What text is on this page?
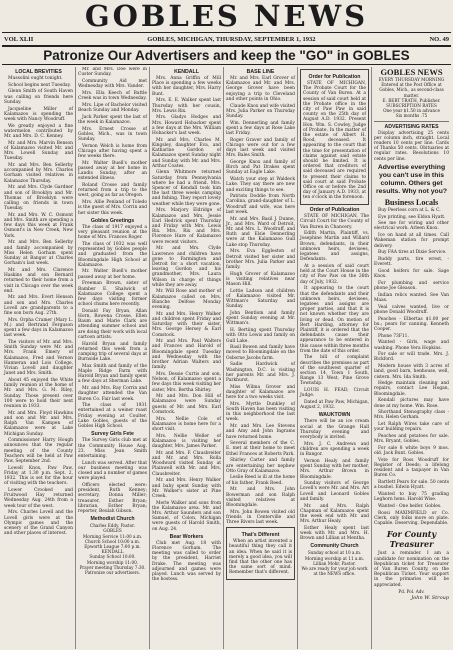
GOBLES NEWS
VOL XLII	GOBLES, MICHIGAN, THURSDAY, SEPTEMBER 1, 1932	NO. 49
Patronize Our Advertisers and keep the "GO" in GOBLES
LOCAL BREVITIES
Mussolini ought tonight.
School begins next Tuesday.
Glenn Smith of South Haven was calling on friends here Sunday.
Jacqueline Miller of Kalamazoo is spending the week with Nancy Woodruff.
We greatly enjoyed a fine watermelon contributed by Mr. and Mrs. D. C. Kenney.
Mr. and Mrs. Marvin Benson of Kalamazoo visited Mr. and Mrs. Lowell Sunday and Tuesday.
Mr. and Mrs. Ben Sellerby accompanied by Mrs. Charles Gorham visited relatives in Kalamazoo Thursday.
Mr. and Mrs. Clyde Gardner and son of Brooklyn and Mr. Thomas of Brooklyn were calling on friends in town Tuesday.
Mr. and Mrs. W. C. Osmont and Mrs. Smith are spending a few days this week at Frank Osmont's in New Creek, New York.
Mr. and Mrs. Ben Sellerby and family accompanied by Miss Helen Gorham spent Sunday at Bangor at Charles Gorham's last week.
Mr. and Mrs. Clarence Haskins and son Bernard returned to their home from a visit in Chicago over the week end.
Mr. and Mrs. Evert Henson and son and Mrs. Charles Lovell are grandparents to a fine son born Aug. 27th.
Mrs. Orpha Cramer (Mary L. M.) and Bertrand Ferguson spent a few days in Kalamazoo last week.
The visitors of Mr. and Mrs. Smith Sunday were Mr. and Mrs. Frank Emery of Kalamazoo, Fred and Vernon Hanneran and Lois College, Vivian Lovell and daughter Janet and Mrs. Smith.
About 45 enjoyed the White family reunion at the home of Mr. and Mrs. G. M. Riley, Sunday. Those present over 100 were to hold their next reunion in 1933.
Mr. and Mrs. Floyd Hawkins and son and Mr. and Mrs. Ralph Van Kampen of Kalamazoo were at Lake Michigan Sunday.
Commissioner Harry Hough announces that the regular meeting of the County Teachers will be held at Paw Paw, September 2nd.
Lowell Knox, Paw Paw, Friday at 1.30 p.m. Sept. 2, 1932. This is set for the hour of visiting with the teachers.
Lower Crooked and Fruitwood Hay returned Wednesday Aug. 24th from a week tour of the west.
Mrs. Charles Lovell and the Lovell girls were at the Olympic games and the scenery of the Grand Canyon and other places of interest.
Mr. and Mrs. Doe were in Custer Sunday.
Community Aid met Wednesday with Mrs. Vander.
Mrs. Ella Keech of Battle Creek was in town Wednesday.
Mrs. Lipe of Bachelor visited Beach Sunday and Monday.
Jack Parker spent the last of the week in Kalamazoo.
Mrs. Ernest Crosse of Gobles, Mich., was in town Sunday.
Vernon Welch is home from Chicago after having spent a few weeks there.
Mr. Walter Buell's mother passed away at her home in Landis Sunday, after an extended illness.
Roland Crosse and family returned from a trip to the west, going as far as Oregon.
Mrs. Allie Penland of Toledo is the guest of Mrs. Corrin and her sister this week.
Gobles Greetings
The class of 1917 enjoyed a very pleasant reunion at the home of Mrs. Frances Roger.
The class of 1932 was well represented by Gobles people and graduated from the Bloomingdale High School at Kalamazoo.
Mr. Walter Buell's mother passed away at her home.
Freeman Brown, sister of Bamber E. Shalwick of Kalamazoo College spent a few days visiting former school chums here recently.
Donald Fay Bryan, Allan Horn, Rowena Crosse, Ellen Baum and Marie Clark are attending summer school and are doing their work with local cartoon artists.
Harold Bryan and family returned this week from a camping trip of several days at Burnside Lake.
Max Smith and family of the Maple Ridge Farm with Harold Bryan and family spent a few days at Sherman Lake.
Mr. and Mrs. Ray Corrin and daughter attended the Van Buren Co. Fair last week.
The class of 1931 entertained at a weiner roast Friday evening at Coulter, Lake Gobles, guests of the Gobles High School.
Survey Girls Fete
The Survey Girls club met at the Community House Aug. 23. Miss Jean Smith entertaining.
Lunch was served. After that our business meeting was closed and a number of games were played.
Officers elected were: president, Ruth Kenney; secretary, Donna Miller; treasurer, Esther Bryan; librarian, Esther Bryan; reporter, Beulah Gibson.
Methodist Church
Charles Eddy, Pastor.
GOBLES
Morning Service 11:00 a.m.
Church School 10:00 a.m.
Epworth League 7:00 p.m.
KENDALL
Sunday School 10:00.
Morning worship 11:00.
Prayer meeting Thursday 7:30.
Patronize our advertisers.
KENDALL
Mrs. Anna Griffin of Mill Place is spending a few weeks with her daughter, Mrs. Harry Bunt.
Mrs. E. E. Walker spent last Thursday with her cousin, Mrs. Lewis Rix.
Mrs. Gladys Hodges and Mrs. Howard Hobacker spent a few days at the Mrs. William Hobacker's last week.
Mr. and Mrs. Charles M. Kingsley, daughter Eva, and Katharine Gordon of Kalamazoo spent Sunday night and Sunday with Mr. and Mrs. Arthur Coates.
Glenn Whitmore returned Saturday from Pennsylvania where he had a friend. Mrs. Spencer of Kendall took him the last three weeks camping and fishing. They report lovely weather while they were gone.
Mrs. Marjory Eldridge of Kalamazoo and Mrs. Jessie Earl Hedrick spent Thursday and Friday with Mrs. Lewis Rix. Mrs. Rix and Mrs. Florence Hare of Kalamazoo were recent visitors.
Mr. and Mrs. Clyde Lawrence and children have gone to Farmington and Detroit for a short vacation, leaving Gordon and his grandmother, Mrs. Laura Wilson in charge of things while they are away.
Mr. Will Rose and mother of Kalamazoo called on Mrs. Blanche Delfose Monday evening.
Mr. and Mrs. Henry Walker and children spent Friday and Saturday with their sister, Mrs. George Hersey & Earl Comstock.
Mr. and Mrs. Paul Walters and Frances and Harold of Bloomingdale spent Tuesday and Wednesday with the brother Adrian Walters and family.
Mrs. Dessie Curtis and son, Nelson, of Kalamazoo spent a few days this week visiting her sister, Mrs. Bertha Shirley.
Mr. and Mrs. Don Hill of Kalamazoo were Sunday guests of Mr. and Mrs. Earl Comstock.
Mrs. Nellie Cole of Kalamazoo is home here for a short visit.
Mrs. Nellie Weller of Kalamazoo is visiting her daughter, Mrs. James Parker.
Mr. and Mrs. F. Clausbreiter and Mr. and Mrs. Rolla Woodward visited Sunday at Plainwell with Mr. and Mrs. Clausbreiter.
Mr. and Mrs. Henry Walker and baby spent Sunday with Mr. Walker's sister at Pine Creek.
Merle Walker and sons from the Kalamazoo area. Mr. and Mrs. Arthur Saunders and son Samuel, of Colon, Michigan were guests of Harold Smith, on Aug. 24.
Bear Workers
Club met Aug. 18 with Florence Gorham. The meeting was called to order by the president, Harriet Drake. The meeting was adjourned and games were played. Lunch was served by the hostess.
BASE LINE
Mr. and Mrs. Earl Grover of Kalamazoo and Mr. and Mrs. George Grover have been enjoying a trip to Cleveland and other points in Ohio.
Claude Knox and wife visited Mrs. Julia Parker on Thursday Sunday.
Wm. Dennerling and family spent a few days at Rose Lake last Friday.
Roger Graver and family of Chicago were out for a few days last week and visited Mrs. Bales Smith.
George Knox and family of Birch and Pat Drakes spent Sunday at Eagle Lake.
Watch your step at Waldeck Lake. They say there are new and exciting things to see.
Patriots Doddie from North Carolina, grand-daughter of L. Woodruff and wife, was here last week.
Mr. and Mrs. Basil J. Dunne, Jr., and Mrs. Ward of Detroit, Mr. and Mrs. L. Woodruff, and Ruth and Elsie Dennerling were at the Kalamazoo Gull Lake stop Thursday.
Mrs. Eva Eggleston of Detroit visited her sister and brother Mrs. Julia Parker and family.
Hugh Grover of Kalamazoo is visiting relatives near Mason Hill.
Lottie Ladson and children of Kalamazoo visited Mr. Wittman's Saturday and Sunday.
John Bentlom and family spent Sunday evening at Mr. Wittman's.
H. Bertiing spent Thursday with Otto Lewis and family on Gull Lake.
Basil Bowen and family have moved to Bloomingdale on the Osborne Jacobs farm.
Sadie Hardwick of Washington, D.C. is visiting her parents Mr. and Mrs. J. Parkhurst.
Miss Wilma Grover and daughter of Kalamazoo are here for a two weeks visit.
Mrs. Myrtle Dunkley of South Haven has been visiting in this neighborhood the last week.
Mr. and Mrs. Lee Stevens and Amy and John Ingrams have returned home.
Several members of the C. E. met at their home to meet Ethel Frances at Roberts Park.
Shirley Carter and family are entertaining her nephew Otto Gray of Kalamazoo.
Leslie Reed is ill at the home of his father, Frank Reed.
Mr. and Mrs. John Bowerman and son Ralph visited relatives at Bloomingdale.
Mrs. John Bowen visited old friends in Centerville and Three Rivers last week.
That's Different
When an artist invented a beautiful thing they call it an idea. When he said it is merely a good idea, you will find that the other one has the same sort of mind. Remember that's different.
Order for Publication
STATE OF MICHIGAN, The Probate Court for the County of Van Buren. At a session of said court held at the Probate office in the city of Paw Paw in said county on the 25th day of August A.D. 1932. Present Hon. Wm. S. Cowley, Judge of Probate. In the matter of the estate of Albert H. Rood, deceased. It appearing to the court that the time for presentation of claims against said estate should be limited. It is ordered that creditors of said deceased are required to present their claims to said court at said Probate Office on or before the 2nd day of January A.D. 1933, at ten o'clock in the forenoon.
Order of Publication
STATE OF MICHIGAN, The Circuit Court for the County of Van Buren in Chancery.
Edith Martin, Plaintiff, vs. Josephine Martin and Willard Brown, defendants, in their unknown heirs, devisees, legatees and assigns, Defendants.
At a session of said court held at the Court House in the city of Paw Paw on the 26th day of July, 1932.
It appearing to the court that the defendants and their unknown heirs, devisees, legatees and assigns are proper parties, and that it is not known whether they are living or dead. On motion of Bert Harding, attorney for Plaintiff, it is ordered that the defendants cause their appearance to be entered in this cause within three months from the date of this order.
The bill of complaint describes the premises as part of the southwest quarter of section 14, Town 1 South, Range 13 West, Pine Grove Township.
LOUIS H. FEAD, Circuit Judge.
Dated at Paw Paw, Michigan, August 2, 1932.
WAUKTOWN
There will be an ice cream social at the Grange Hall Thursday evening and everybody is invited.
Mrs. J. C. Andrews and children are spending a week in Bangor.
Vernon Healy and family spent Sunday with her mother, Mrs. Arthur Brown in Bloomingdale.
Sunday visitors of George Lovell's were Mr. and Mrs. Art Lovell and Leonard Gobles and family.
Mr. and Mrs. Ralph Chapman of Kalamazoo spent the week end with Mr. and Mrs. Arthur Healy.
Esther Healy spent last week with Mr. and Mrs. H. Brown and Lillian at Mentha.
Community Church
Sunday school at 10 a.m.
Morning worship at 11 a.m.
Lillian Mohr, Pastor.
We are ready for your job work at the NEWS office.
GOBLES NEWS
EVERY THURSDAY MORNING
Entered at the Post Office at Gobles, Mich., as second-class matter.
E. BERT TRATH, Publisher.
SUBSCRIPTION RATES
One year $1.50 in advance
Six months .75
ADVERTISING RATES
Display advertising 25 cents per column inch, straight. Local readers 10 cents per line. Cards of Thanks 50 cents. Obituaries at regular rates. Resolutions 10 cents per line.
Advertise everything you can't use in this column. Others get results. Why not you?
Business Locals
Buy Peerless corn at L. & C.
Eye printing, see Eldon Hyatt.
See me for wiring and other electrical work. Arleen Knox.
Ice on hand at all times. Call Wakeman station for prompt delivery.
Buy FAA tires at Dixie Service.
Ruddy parts, tire wrest, - Everett.
Good heifers for sale. Sage Knox.
For plumbing and service phone Joe Gleason.
Indian relics wanted. See Van Maas.
Veal calves wanted, live or phone Donald Woodruff.
Peaches - Elbertas $1.00 per bu.; pears for canning. Kenneth Cooper.
Phone 73F11.
Wanted - Girls, wage and washing. Phone Vera Hopkins.
For sale or will trade. Mrs. J. Bickford.
Modern house with 3 acres of land, good barn, henhouse, well, cistern. Mrs. Ida Smith.
Hedge maintain cleaning and repairs, contact Lee Hogan, Bloomingdale.
Kendall pictures may have done at my home. Wm. Rose.
Shorthand Stenography class - Mrs. Helen Gorham.
Let Ralph Wires take care of your building repairs.
Peaches and potatoes for sale. Mrs. Bryant, Gobles.
For sale 8 white boys 9 mos. old. Jack Bunt. Gobles.
Vote for Ross Woodruff for Register of Deeds; a lifelong resident and a taxpayer in Van Buren Co.
Bartlett Pears for sale. 50 cents a bushel. Edwin Hyatt.
Wanted to buy 75 grading Leghorn hens. Harold Wise.
Wanted - One heifer. Gobles.
Rossi MAXIMFIELD or Co. Clerk, only folks more on plate. Capable. Deserving. Dependable.
For County Treasurer
Just a reminder. I am a candidate for nomination on the Republican ticket for Treasurer of Van Buren County, on the Republican Ticket. Your support in the primaries will be appreciated.
Pd. Pol. Adv.
John W. Stroup
